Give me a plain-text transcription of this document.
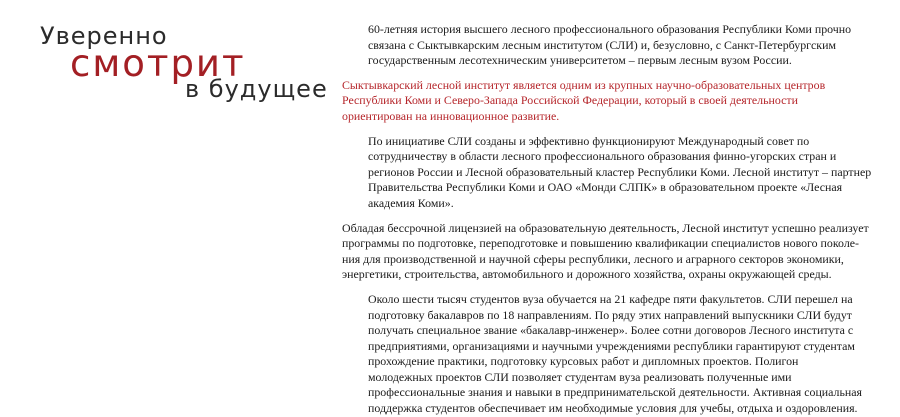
Уверенно
смотрит
в будущее

60-летняя история высшего лесного профессионального образования Республики Коми прочно
связана с Сыктывкарским лесным институтом (СЛИ) и, безусловно, с Санкт-Петербургским
государственным лесотехническим университетом – первым лесным вузом России.

Сыктывкарский лесной институт является одним из крупных научно-образовательных центров
Республики Коми и Северо-Запада Российской Федерации, который в своей деятельности
ориентирован на инновационное развитие.

По инициативе СЛИ созданы и эффективно функционируют Международный совет по
сотрудничеству в области лесного профессионального образования финно-угорских стран и
регионов России и Лесной образовательный кластер Республики Коми. Лесной институт – партнер
Правительства Республики Коми и ОАО «Монди СЛПК» в образовательном проекте «Лесная
академия Коми».

Обладая бессрочной лицензией на образовательную деятельность, Лесной институт успешно реализует
программы по подготовке, переподготовке и повышению квалификации специалистов нового поколе-
ния для производственной и научной сферы республики, лесного и аграрного секторов экономики,
энергетики, строительства, автомобильного и дорожного хозяйства, охраны окружающей среды.

Около шести тысяч студентов вуза обучается на 21 кафедре пяти факультетов. СЛИ перешел на
подготовку бакалавров по 18 направлениям. По ряду этих направлений выпускники СЛИ будут
получать специальное звание «бакалавр-инженер». Более сотни договоров Лесного института с
предприятиями, организациями и научными учреждениями республики гарантируют студентам
прохождение практики, подготовку курсовых работ и дипломных проектов. Полигон
молодежных проектов СЛИ позволяет студентам вуза реализовать полученные ими
профессиональные знания и навыки в предпринимательской деятельности. Активная социальная
поддержка студентов обеспечивает им необходимые условия для учебы, отдыха и оздоровления.
